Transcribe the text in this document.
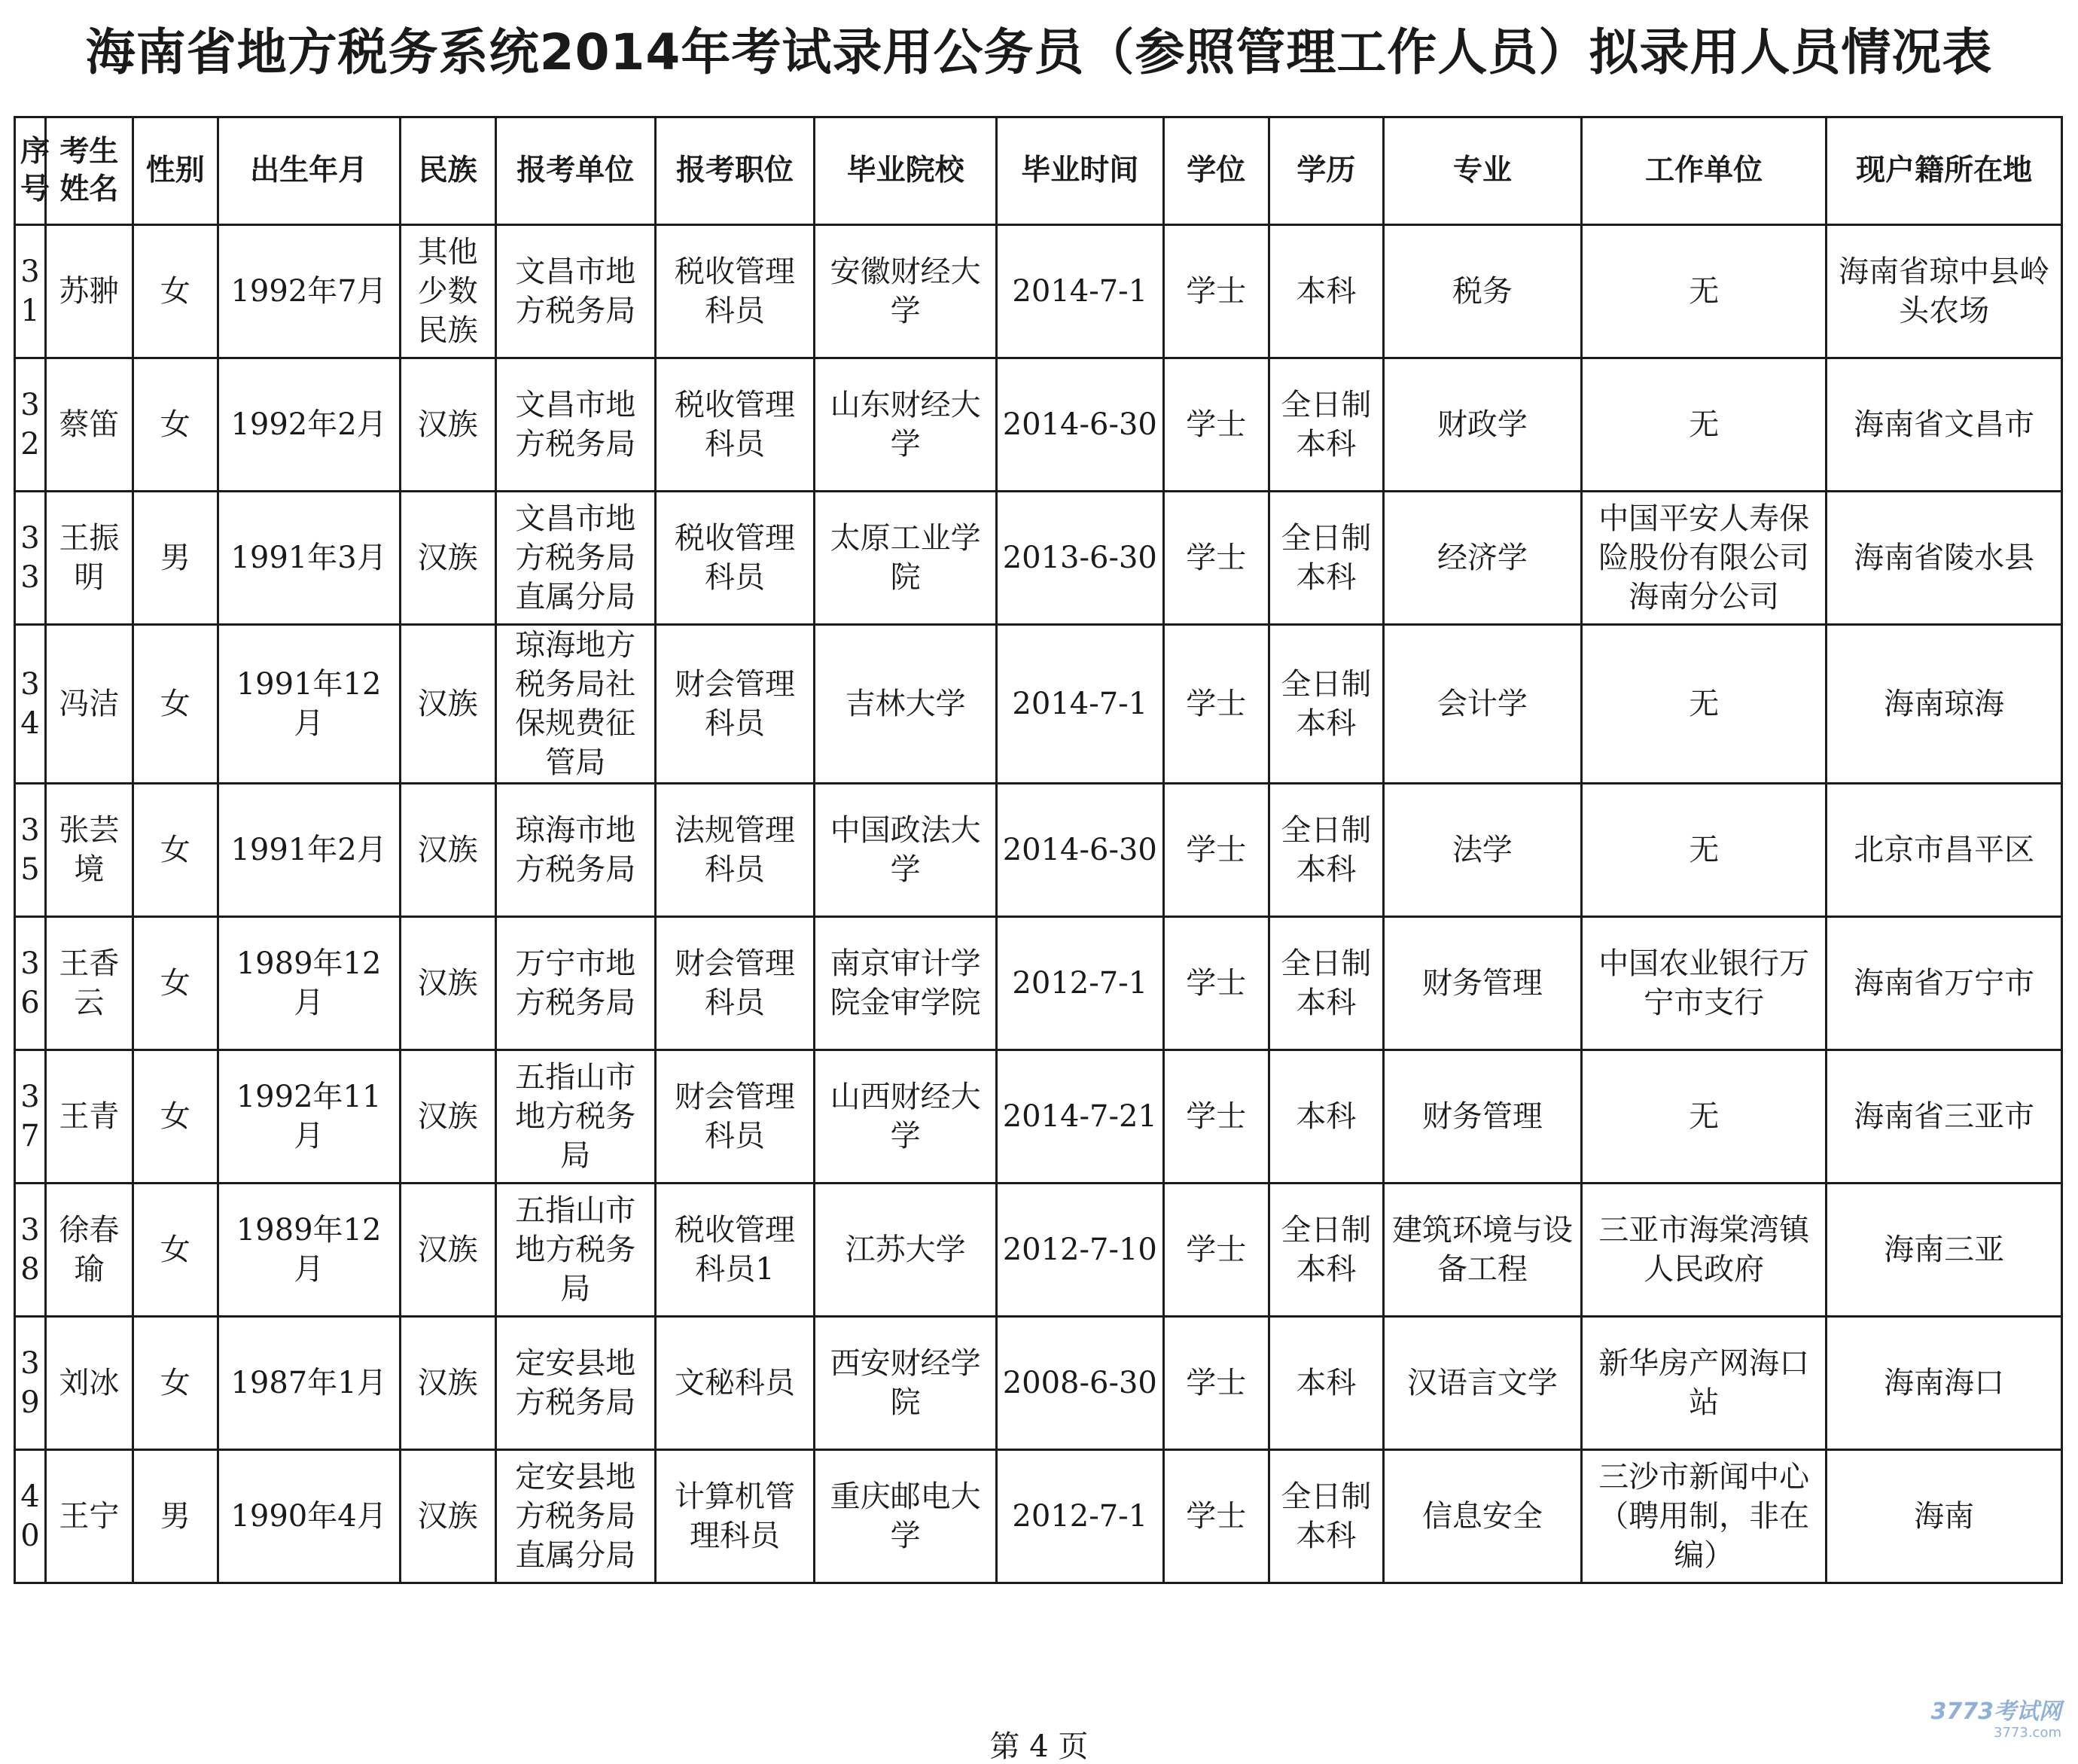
海南省地方税务系统2014年考试录用公务员（参照管理工作人员）拟录用人员情况表
序号	考生姓名	性别	出生年月	民族	报考单位	报考职位	毕业院校	毕业时间	学位	学历	专业	工作单位	现户籍所在地
31	苏翀	女	1992年7月	其他少数民族	文昌市地方税务局	税收管理科员	安徽财经大学	2014-7-1	学士	本科	税务	无	海南省琼中县岭头农场
32	蔡笛	女	1992年2月	汉族	文昌市地方税务局	税收管理科员	山东财经大学	2014-6-30	学士	全日制本科	财政学	无	海南省文昌市
33	王振明	男	1991年3月	汉族	文昌市地方税务局直属分局	税收管理科员	太原工业学院	2013-6-30	学士	全日制本科	经济学	中国平安人寿保险股份有限公司海南分公司	海南省陵水县
34	冯洁	女	1991年12月	汉族	琼海地方税务局社保规费征管局	财会管理科员	吉林大学	2014-7-1	学士	全日制本科	会计学	无	海南琼海
35	张芸境	女	1991年2月	汉族	琼海市地方税务局	法规管理科员	中国政法大学	2014-6-30	学士	全日制本科	法学	无	北京市昌平区
36	王香云	女	1989年12月	汉族	万宁市地方税务局	财会管理科员	南京审计学院金审学院	2012-7-1	学士	全日制本科	财务管理	中国农业银行万宁市支行	海南省万宁市
37	王青	女	1992年11月	汉族	五指山市地方税务局	财会管理科员	山西财经大学	2014-7-21	学士	本科	财务管理	无	海南省三亚市
38	徐春瑜	女	1989年12月	汉族	五指山市地方税务局	税收管理科员1	江苏大学	2012-7-10	学士	全日制本科	建筑环境与设备工程	三亚市海棠湾镇人民政府	海南三亚
39	刘冰	女	1987年1月	汉族	定安县地方税务局	文秘科员	西安财经学院	2008-6-30	学士	本科	汉语言文学	新华房产网海口站	海南海口
40	王宁	男	1990年4月	汉族	定安县地方税务局直属分局	计算机管理科员	重庆邮电大学	2012-7-1	学士	全日制本科	信息安全	三沙市新闻中心（聘用制，非在编）	海南
第 4 页
3773考试网
3773.com
